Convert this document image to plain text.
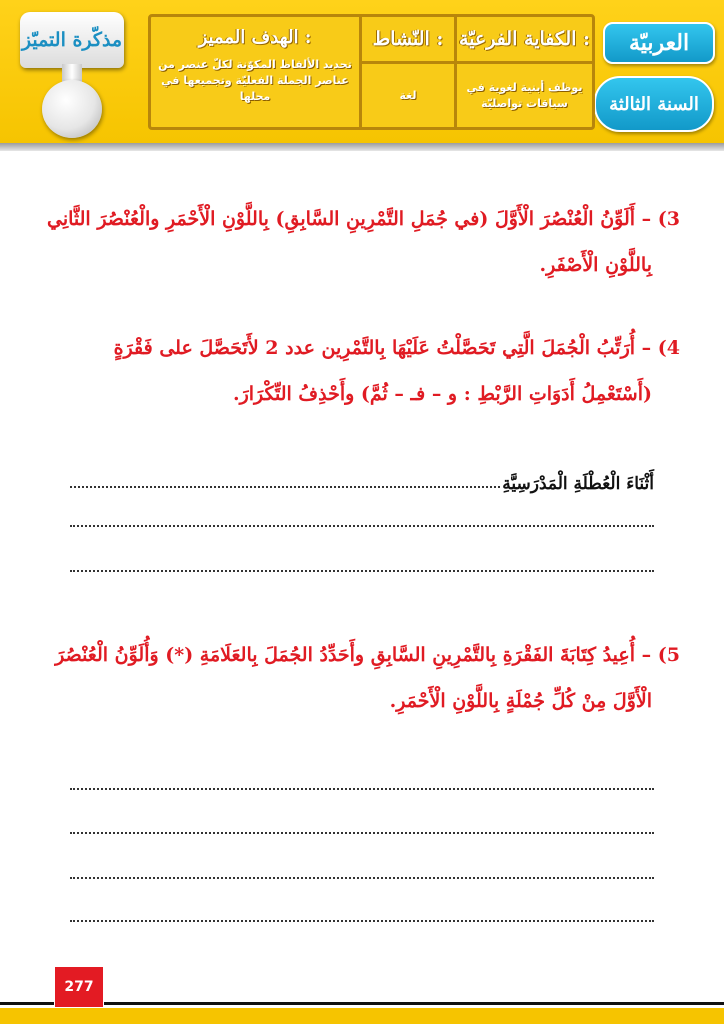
العربيّة
السنة الثالثة
الكفاية الفرعيّة :
يوظف أبنية لغوية في سياقات تواصليّة
النّشاط :
لغة
الهدف المميز :
تحديد الألفاظ المكوّنة لكلّ عنصر من عناصر الجملة الفعليّة وتجميعها في محلها
مذكّرة التميّز
3) – أَلَوِّنُ الْعُنْصُرَ الْأَوَّلَ (في جُمَلِ التَّمْرِينِ السَّابِقِ) بِاللَّوْنِ الْأَحْمَرِ والْعُنْصُرَ الثَّانِي
بِاللَّوْنِ الْأَصْفَرِ.
4) – أُرَتِّبُ الْجُمَلَ الَّتِي تَحَصَّلْتُ عَلَيْهَا بِالتَّمْرِين عدد 2 لأَتَحَصَّلَ على فَقْرَةٍ
(أَسْتَعْمِلُ أَدَوَاتِ الرَّبْطِ : و – فـ – ثُمَّ) وأَحْذِفُ التِّكْرَارَ.
أَثْنَاءَ الْعُطْلَةِ الْمَدْرَسِيَّةِ
5) – أُعِيدُ كِتَابَةَ الفَقْرَةِ بِالتَّمْرِينِ السَّابِقِ وأَحَدِّدُ الجُمَلَ بِالعَلَامَةِ (*) وَأُلَوِّنُ الْعُنْصُرَ
الْأَوَّلَ مِنْ كُلِّ جُمْلَةٍ بِاللَّوْنِ الْأَحْمَرِ.
277
